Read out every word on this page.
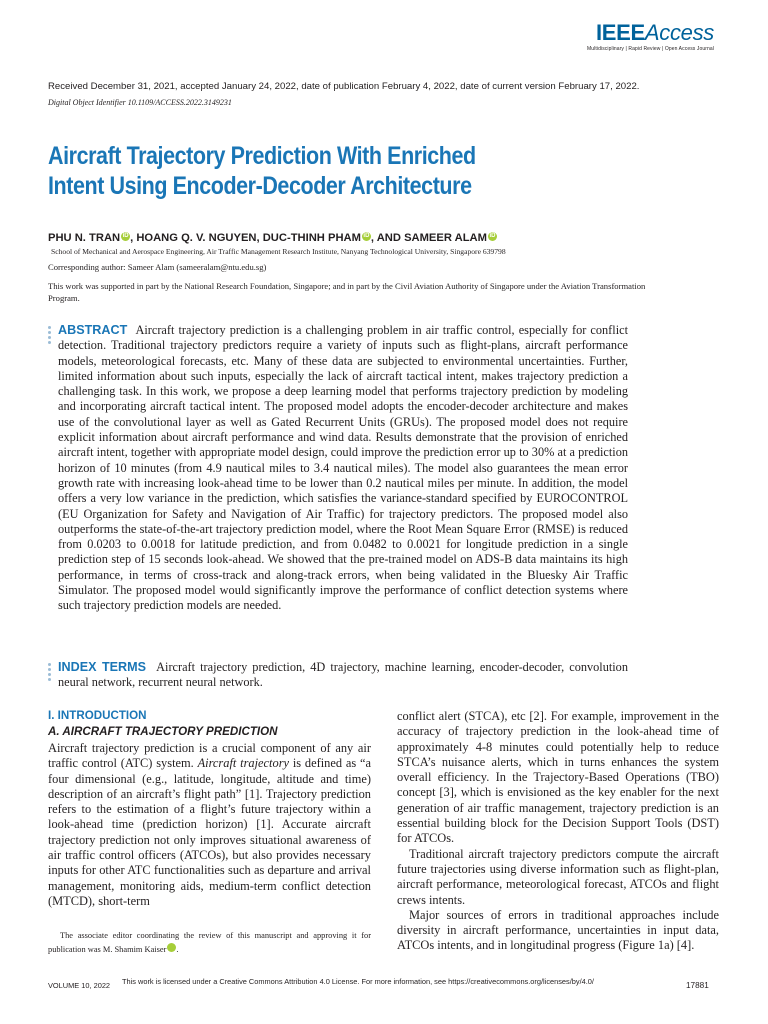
IEEEAccess
Multidisciplinary | Rapid Review | Open Access Journal
Received December 31, 2021, accepted January 24, 2022, date of publication February 4, 2022, date of current version February 17, 2022.
Digital Object Identifier 10.1109/ACCESS.2022.3149231
Aircraft Trajectory Prediction With Enriched
Intent Using Encoder-Decoder Architecture
PHU N. TRAN iD , HOANG Q. V. NGUYEN, DUC-THINH PHAM iD , AND SAMEER ALAM iD
School of Mechanical and Aerospace Engineering, Air Traffic Management Research Institute, Nanyang Technological University, Singapore 639798
Corresponding author: Sameer Alam (sameeralam@ntu.edu.sg)
This work was supported in part by the National Research Foundation, Singapore; and in part by the Civil Aviation Authority of Singapore under the Aviation Transformation Program.
ABSTRACT Aircraft trajectory prediction is a challenging problem in air traffic control, especially for conflict detection. Traditional trajectory predictors require a variety of inputs such as flight-plans, aircraft performance models, meteorological forecasts, etc. Many of these data are subjected to environmental uncertainties. Further, limited information about such inputs, especially the lack of aircraft tactical intent, makes trajectory prediction a challenging task. In this work, we propose a deep learning model that performs trajectory prediction by modeling and incorporating aircraft tactical intent. The proposed model adopts the encoder-decoder architecture and makes use of the convolutional layer as well as Gated Recurrent Units (GRUs). The proposed model does not require explicit information about aircraft performance and wind data. Results demonstrate that the provision of enriched aircraft intent, together with appropriate model design, could improve the prediction error up to 30% at a prediction horizon of 10 minutes (from 4.9 nautical miles to 3.4 nautical miles). The model also guarantees the mean error growth rate with increasing look-ahead time to be lower than 0.2 nautical miles per minute. In addition, the model offers a very low variance in the prediction, which satisfies the variance-standard specified by EUROCONTROL (EU Organization for Safety and Navigation of Air Traffic) for trajectory predictors. The proposed model also outperforms the state-of-the-art trajectory prediction model, where the Root Mean Square Error (RMSE) is reduced from 0.0203 to 0.0018 for latitude prediction, and from 0.0482 to 0.0021 for longitude prediction in a single prediction step of 15 seconds look-ahead. We showed that the pre-trained model on ADS-B data maintains its high performance, in terms of cross-track and along-track errors, when being validated in the Bluesky Air Traffic Simulator. The proposed model would significantly improve the performance of conflict detection systems where such trajectory prediction models are needed.
INDEX TERMS Aircraft trajectory prediction, 4D trajectory, machine learning, encoder-decoder, convolution neural network, recurrent neural network.
I. INTRODUCTION
A. AIRCRAFT TRAJECTORY PREDICTION

Aircraft trajectory prediction is a crucial component of any air traffic control (ATC) system. Aircraft trajectory is defined as “a four dimensional (e.g., latitude, longitude, altitude and time) description of an aircraft’s flight path” [1]. Trajectory prediction refers to the estimation of a flight’s future trajectory within a look-ahead time (prediction horizon) [1]. Accurate aircraft trajectory prediction not only improves situational awareness of air traffic control officers (ATCOs), but also provides necessary inputs for other ATC functionalities such as departure and arrival management, monitoring aids, medium-term conflict detection (MTCD), short-term

conflict alert (STCA), etc [2]. For example, improvement in the accuracy of trajectory prediction in the look-ahead time of approximately 4-8 minutes could potentially help to reduce STCA’s nuisance alerts, which in turns enhances the system overall efficiency. In the Trajectory-Based Operations (TBO) concept [3], which is envisioned as the key enabler for the next generation of air traffic management, trajectory prediction is an essential building block for the Decision Support Tools (DST) for ATCOs.

Traditional aircraft trajectory predictors compute the aircraft future trajectories using diverse information such as flight-plan, aircraft performance, meteorological forecast, ATCOs and flight crews intents.

Major sources of errors in traditional approaches include diversity in aircraft performance, uncertainties in input data, ATCOs intents, and in longitudinal progress (Figure 1a) [4].

The associate editor coordinating the review of this manuscript and approving it for publication was M. Shamim Kaiser iD.

VOLUME 10, 2022 This work is licensed under a Creative Commons Attribution 4.0 License. For more information, see https://creativecommons.org/licenses/by/4.0/	17881
